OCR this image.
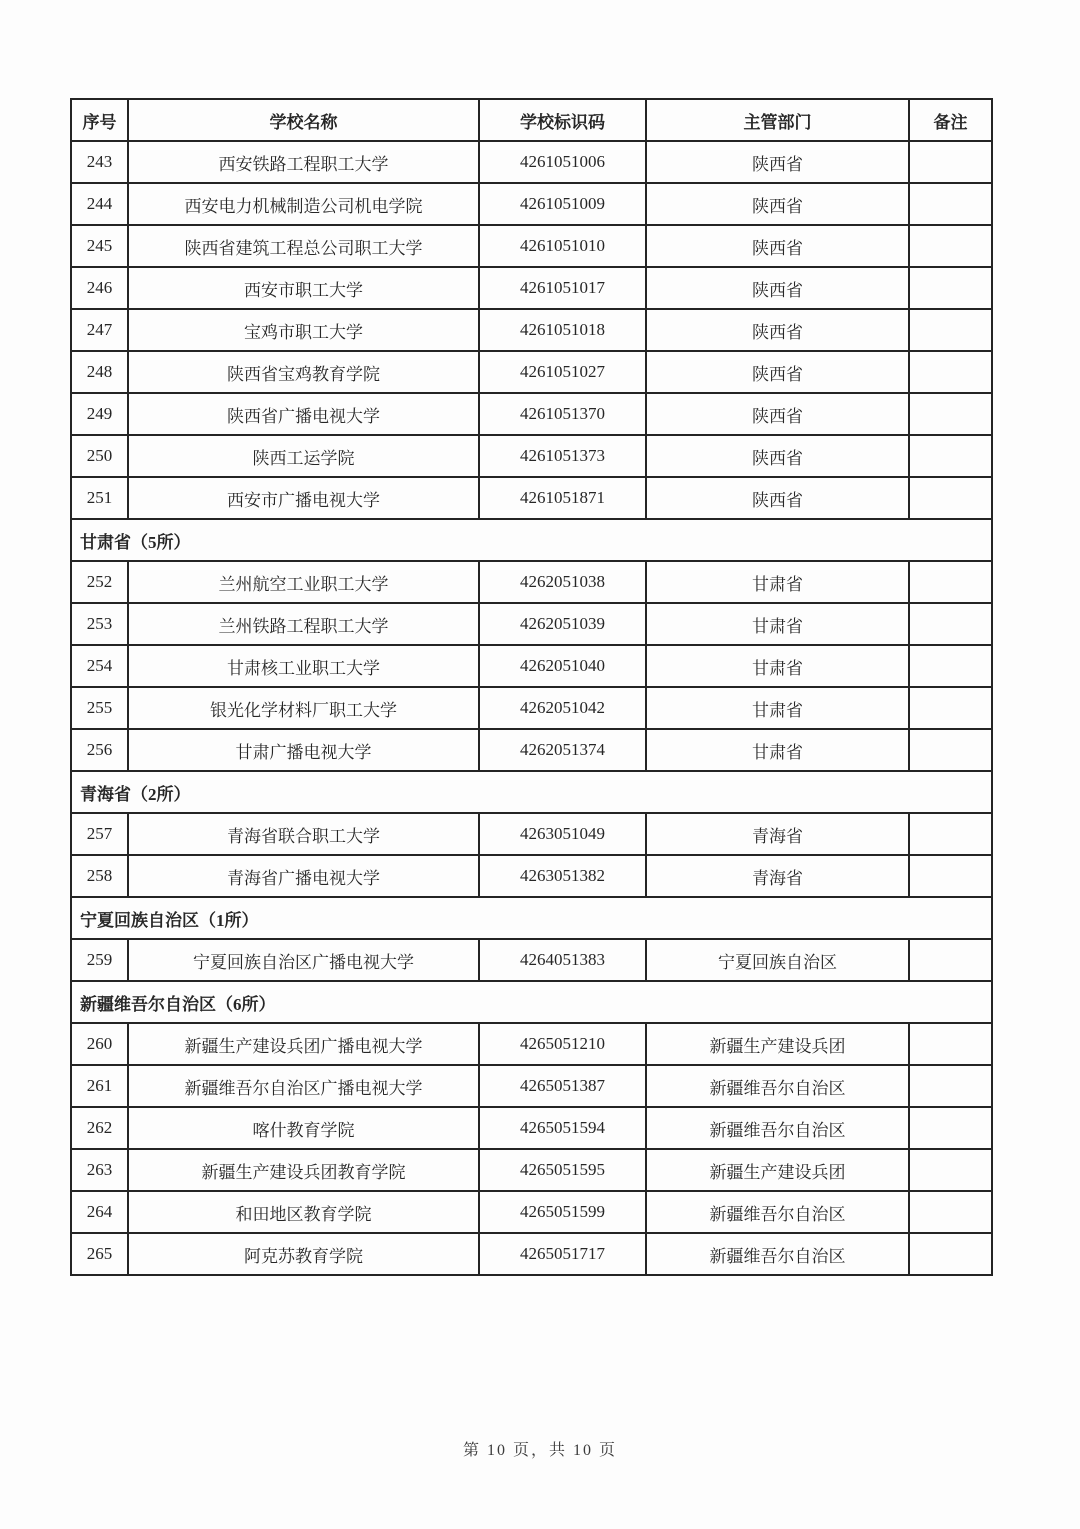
序号	学校名称	学校标识码	主管部门	备注
243	西安铁路工程职工大学	4261051006	陕西省	
244	西安电力机械制造公司机电学院	4261051009	陕西省	
245	陕西省建筑工程总公司职工大学	4261051010	陕西省	
246	西安市职工大学	4261051017	陕西省	
247	宝鸡市职工大学	4261051018	陕西省	
248	陕西省宝鸡教育学院	4261051027	陕西省	
249	陕西省广播电视大学	4261051370	陕西省	
250	陕西工运学院	4261051373	陕西省	
251	西安市广播电视大学	4261051871	陕西省	
甘肃省（5所）				
252	兰州航空工业职工大学	4262051038	甘肃省	
253	兰州铁路工程职工大学	4262051039	甘肃省	
254	甘肃核工业职工大学	4262051040	甘肃省	
255	银光化学材料厂职工大学	4262051042	甘肃省	
256	甘肃广播电视大学	4262051374	甘肃省	
青海省（2所）				
257	青海省联合职工大学	4263051049	青海省	
258	青海省广播电视大学	4263051382	青海省	
宁夏回族自治区（1所）				
259	宁夏回族自治区广播电视大学	4264051383	宁夏回族自治区	
新疆维吾尔自治区（6所）				
260	新疆生产建设兵团广播电视大学	4265051210	新疆生产建设兵团	
261	新疆维吾尔自治区广播电视大学	4265051387	新疆维吾尔自治区	
262	喀什教育学院	4265051594	新疆维吾尔自治区	
263	新疆生产建设兵团教育学院	4265051595	新疆生产建设兵团	
264	和田地区教育学院	4265051599	新疆维吾尔自治区	
265	阿克苏教育学院	4265051717	新疆维吾尔自治区	
第 10 页，共 10 页
